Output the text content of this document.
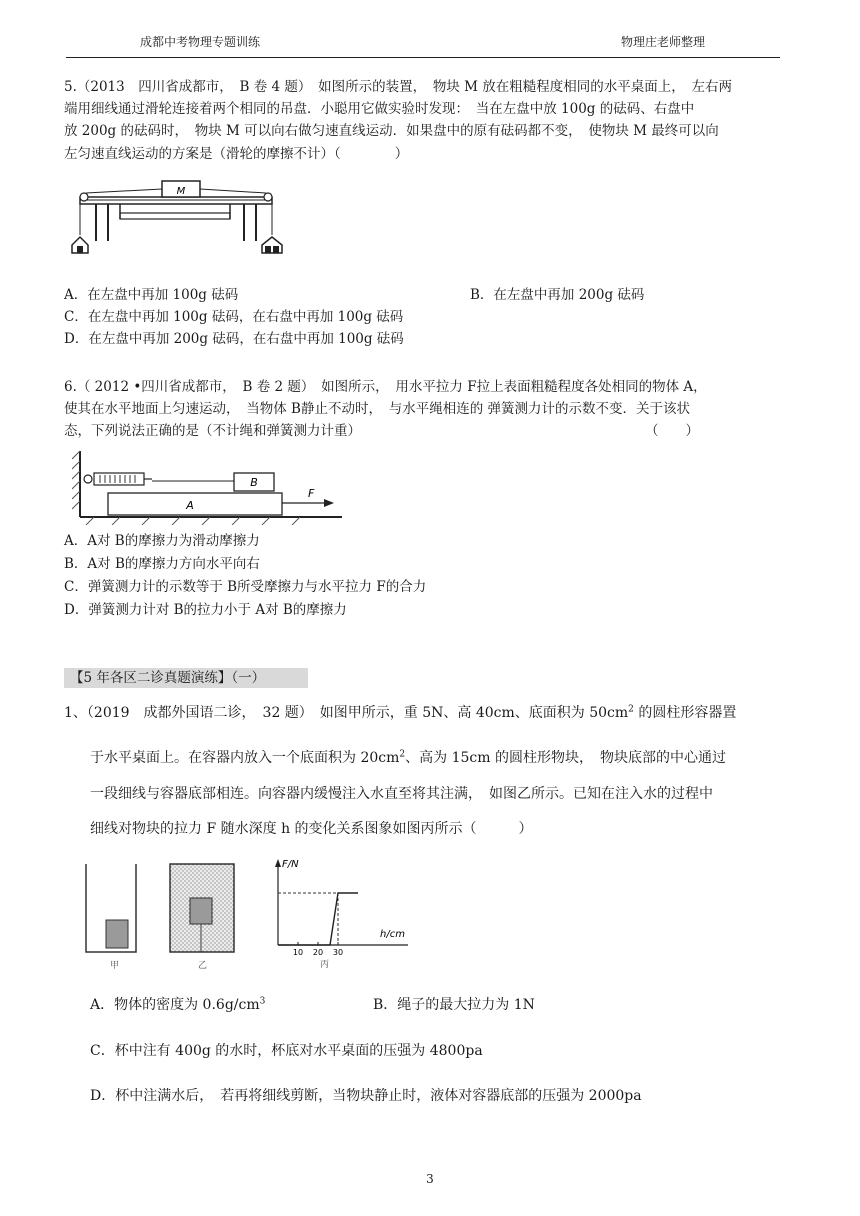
成都中考物理专题训练	物理庄老师整理
5.（2013　四川省成都市，　B 卷 4 题）　如图所示的装置，　物块 M 放在粗糙程度相同的水平桌面上，　左右两
端用细线通过滑轮连接着两个相同的吊盘．小聪用它做实验时发现：　当在左盘中放 100g 的砝码、右盘中
放 200g 的砝码时，　物块 M 可以向右做匀速直线运动．如果盘中的原有砝码都不变，　使物块 M 最终可以向
左匀速直线运动的方案是（滑轮的摩擦不计）（　　　　）
M
A．在左盘中再加 100g 砝码	B．在左盘中再加 200g 砝码
C．在左盘中再加 100g 砝码，在右盘中再加 100g 砝码
D．在左盘中再加 200g 砝码，在右盘中再加 100g 砝码
6.（ 2012 •四川省成都市，　B 卷 2 题）　如图所示，　用水平拉力 F拉上表面粗糙程度各处相同的物体 A，
使其在水平地面上匀速运动，　当物体 B静止不动时，　与水平绳相连的 弹簧测力计的示数不变．关于该状
态，下列说法正确的是（不计绳和弹簧测力计重）	（　　）
B
A
F
A．A对 B的摩擦力为滑动摩擦力
B．A对 B的摩擦力方向水平向右
C．弹簧测力计的示数等于 B所受摩擦力与水平拉力 F的合力
D．弹簧测力计对 B的拉力小于 A对 B的摩擦力
【5 年各区二诊真题演练】（一）
1、（2019　成都外国语二诊，　32 题）　如图甲所示，重 5N、高 40cm、底面积为 $50cm^2$ 的圆柱形容器置
于水平桌面上。在容器内放入一个底面积为 $20cm^2$、高为 15cm 的圆柱形物块，　物块底部的中心通过
一段细线与容器底部相连。向容器内缓慢注入水直至将其注满，　如图乙所示。已知在注入水的过程中
细线对物块的拉力 F 随水深度 h 的变化关系图象如图丙所示（　　　）
甲	乙
F/N
h/cm
10 20 30
丙
A．物体的密度为 $0.6g/cm^3$	B．绳子的最大拉力为 1N
C．杯中注有 400g 的水时，杯底对水平桌面的压强为 4800pa
D．杯中注满水后，　若再将细线剪断，当物块静止时，液体对容器底部的压强为 2000pa
3
